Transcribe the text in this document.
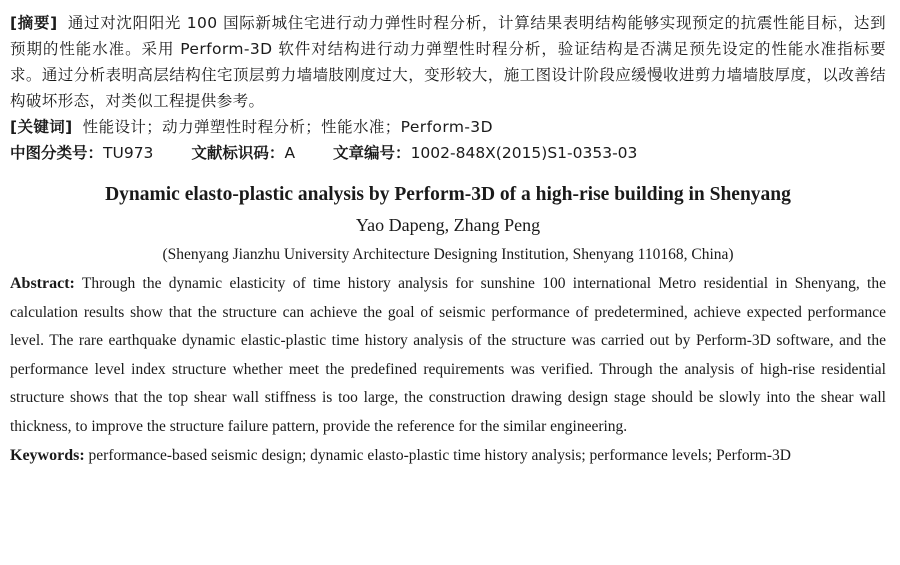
[摘要] 通过对沈阳阳光 100 国际新城住宅进行动力弹性时程分析，计算结果表明结构能够实现预定的抗震性能目标，达到预期的性能水准。采用 Perform-3D 软件对结构进行动力弹塑性时程分析，验证结构是否满足预先设定的性能水准指标要求。通过分析表明高层结构住宅顶层剪力墙墙肢刚度过大，变形较大，施工图设计阶段应缓慢收进剪力墙墙肢厚度，以改善结构破坏形态，对类似工程提供参考。

[关键词] 性能设计；动力弹塑性时程分析；性能水准；Perform-3D

中图分类号：TU973 文献标识码：A 文章编号：1002-848X(2015)S1-0353-03

Dynamic elasto-plastic analysis by Perform-3D of a high-rise building in Shenyang

Yao Dapeng, Zhang Peng

(Shenyang Jianzhu University Architecture Designing Institution, Shenyang 110168, China)

Abstract: Through the dynamic elasticity of time history analysis for sunshine 100 international Metro residential in Shenyang, the calculation results show that the structure can achieve the goal of seismic performance of predetermined, achieve expected performance level. The rare earthquake dynamic elastic-plastic time history analysis of the structure was carried out by Perform-3D software, and the performance level index structure whether meet the predefined requirements was verified. Through the analysis of high-rise residential structure shows that the top shear wall stiffness is too large, the construction drawing design stage should be slowly into the shear wall thickness, to improve the structure failure pattern, provide the reference for the similar engineering.

Keywords: performance-based seismic design; dynamic elasto-plastic time history analysis; performance levels; Perform-3D
